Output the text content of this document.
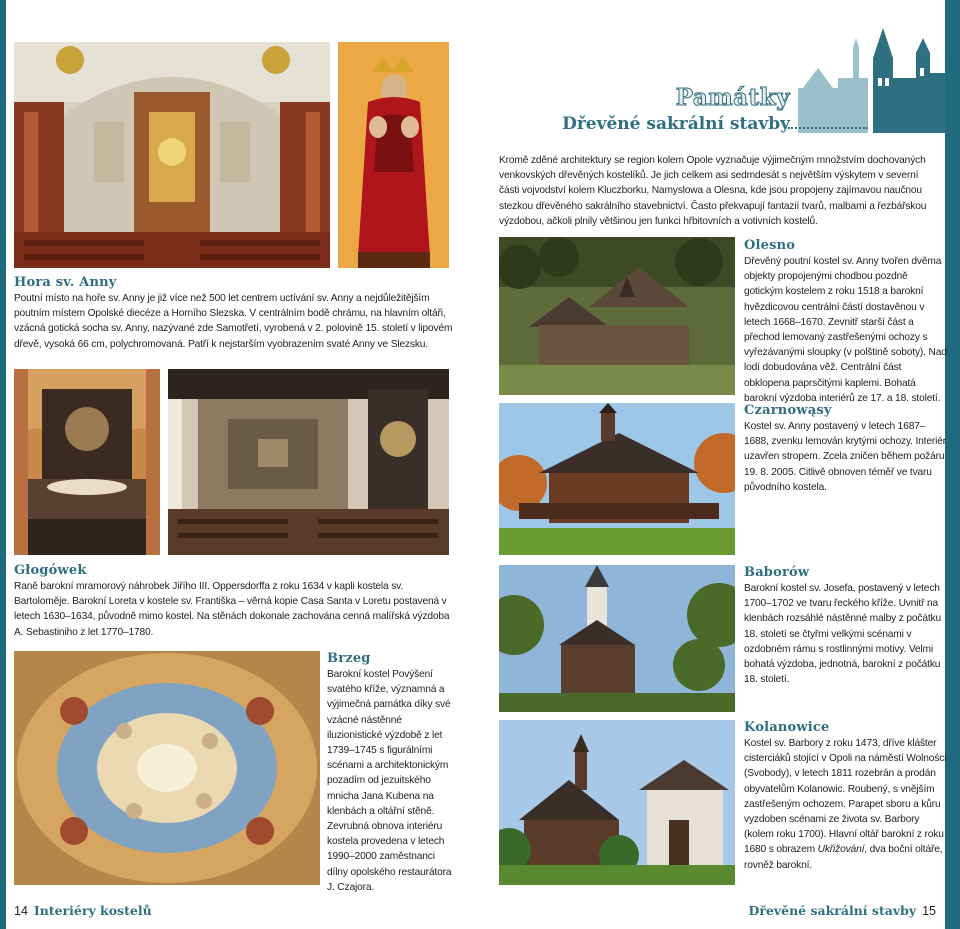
Hora sv. Anny
Poutní místo na hoře sv. Anny je již více než 500 let centrem uctívání sv. Anny a nejdůležitějším poutním místem Opolské diecéze a Horního Slezska. V centrálním bodě chrámu, na hlavním oltáři, vzácná gotická socha sv. Anny, nazývané zde Samotřetí, vyrobená v 2. polovině 15. století v lipovém dřevě, vysoká 66 cm, polychromovaná. Patří k nejstarším vyobrazením svaté Anny ve Slezsku.
Głogówek
Raně barokní mramorový náhrobek Jiřího III. Oppersdorffa z roku 1634 v kapli kostela sv. Bartoloměje. Barokní Loreta v kostele sv. Františka – věrná kopie Casa Santa v Loretu postavená v letech 1630–1634, původně mimo kostel. Na stěnách dokonale zachována cenná malířská výzdoba A. Sebastiniho z let 1770–1780.
Brzeg
Barokní kostel Povýšení svatého kříže, významná a výjimečná památka díky své vzácné nástěnné iluzionistické výzdobě z let 1739–1745 s figurálními scénami a architektonickým pozadím od jezuitského mnicha Jana Kubena na klenbách a oltářní stěně. Zevrubná obnova interiéru kostela provedena v letech 1990–2000 zaměstnanci dílny opolského restaurátora J. Czajora.
Památky
Dřevěné sakrální stavby
Kromě zděné architektury se region kolem Opole vyznačuje výjimečným množstvím dochovaných venkovských dřevěných kostelíků. Je jich celkem asi sedmdesát s největším výskytem v severní části vojvodství kolem Kluczborku, Namyslowa a Olesna, kde jsou propojeny zajímavou naučnou stezkou dřevěného sakrálního stavebnictví. Často překvapují fantazií tvarů, malbami a řezbářskou výzdobou, ačkoli plnily většinou jen funkci hřbitovních a votivních kostelů.
Olesno
Dřevěný poutní kostel sv. Anny tvořen dvěma objekty propojenými chodbou pozdně gotickým kostelem z roku 1518 a barokní hvězdicovou centrální částí dostavěnou v letech 1668–1670. Zevnitř starší část a přechod lemovaný zastřešenými ochozy s vyřezávanými sloupky (v polštině soboty). Nad lodí dobudována věž. Centrální část obklopena paprsčitými kaplemi. Bohatá barokní výzdoba interiérů ze 17. a 18. století.
Czarnowąsy
Kostel sv. Anny postavený v letech 1687–1688, zvenku lemován krytými ochozy. Interiér uzavřen stropem. Zcela zničen během požáru 19. 8. 2005. Citlivě obnoven téměř ve tvaru původního kostela.
Baborów
Barokní kostel sv. Josefa, postavený v letech 1700–1702 ve tvaru řeckého kříže. Uvnitř na klenbách rozsáhlé nástěnné malby z počátku 18. století se čtyřmi velkými scénami v ozdobném rámu s rostlinnými motivy. Velmi bohatá výzdoba, jednotná, barokní z počátku 18. století.
Kolanowice
Kostel sv. Barbory z roku 1473, dříve klášter cisterciáků stojící v Opoli na náměstí Wolności (Svobody), v letech 1811 rozebrán a prodán obyvatelům Kolanowic. Roubený, s vnějším zastřešeným ochozem. Parapet sboru a kůru vyzdoben scénami ze života sv. Barbory (kolem roku 1700). Hlavní oltář barokní z roku 1680 s obrazem Ukřižování, dva boční oltáře, rovněž barokní.
14 Interiéry kostelů	Dřevěné sakrální stavby 15
